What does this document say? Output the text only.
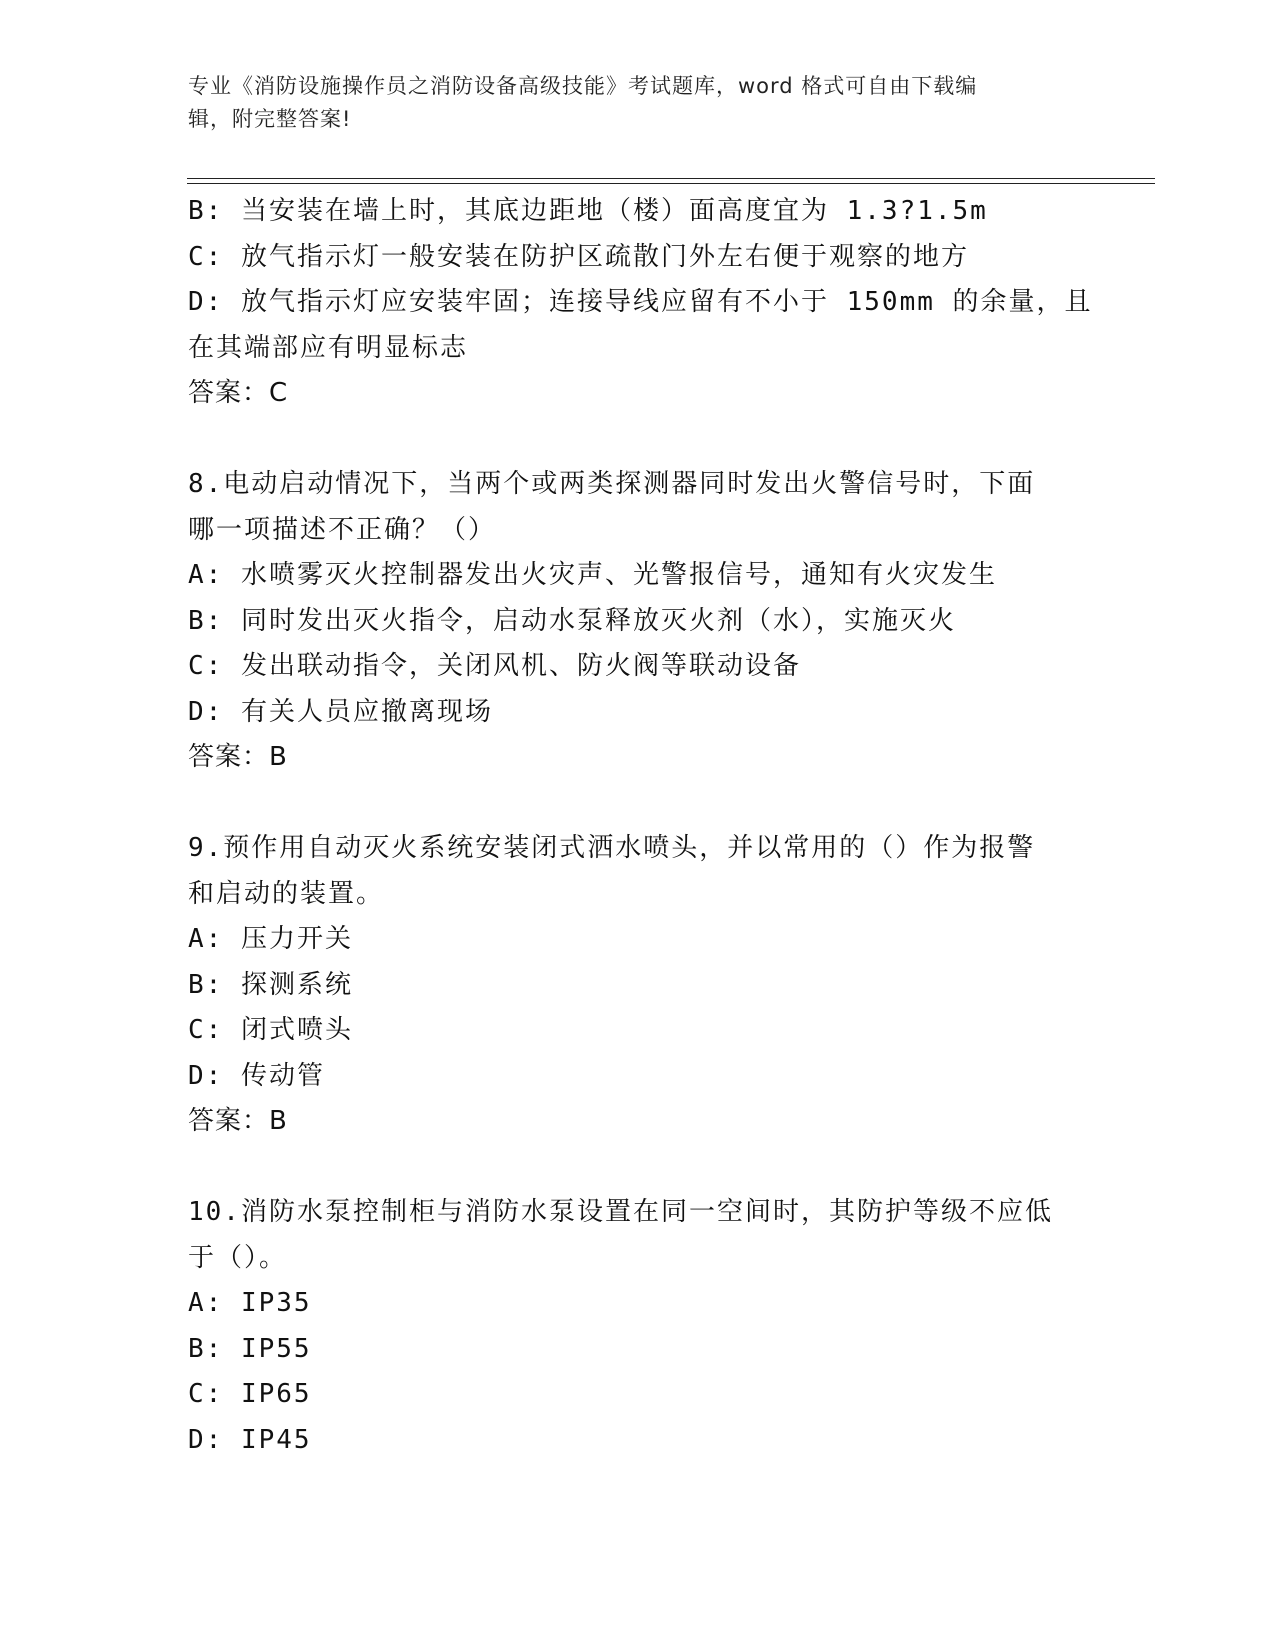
专业《消防设施操作员之消防设备高级技能》考试题库，word 格式可自由下载编
辑，附完整答案!
B: 当安装在墙上时，其底边距地（楼）面高度宜为 1.3?1.5m
C: 放气指示灯一般安装在防护区疏散门外左右便于观察的地方
D: 放气指示灯应安装牢固；连接导线应留有不小于 150mm 的余量，且
在其端部应有明显标志
答案：C
8.电动启动情况下，当两个或两类探测器同时发出火警信号时，下面
哪一项描述不正确？（）
A: 水喷雾灭火控制器发出火灾声、光警报信号，通知有火灾发生
B: 同时发出灭火指令，启动水泵释放灭火剂（水），实施灭火
C: 发出联动指令，关闭风机、防火阀等联动设备
D: 有关人员应撤离现场
答案：B
9.预作用自动灭火系统安装闭式洒水喷头，并以常用的（）作为报警
和启动的装置。
A: 压力开关
B: 探测系统
C: 闭式喷头
D: 传动管
答案：B
10.消防水泵控制柜与消防水泵设置在同一空间时，其防护等级不应低
于（）。
A: IP35
B: IP55
C: IP65
D: IP45
